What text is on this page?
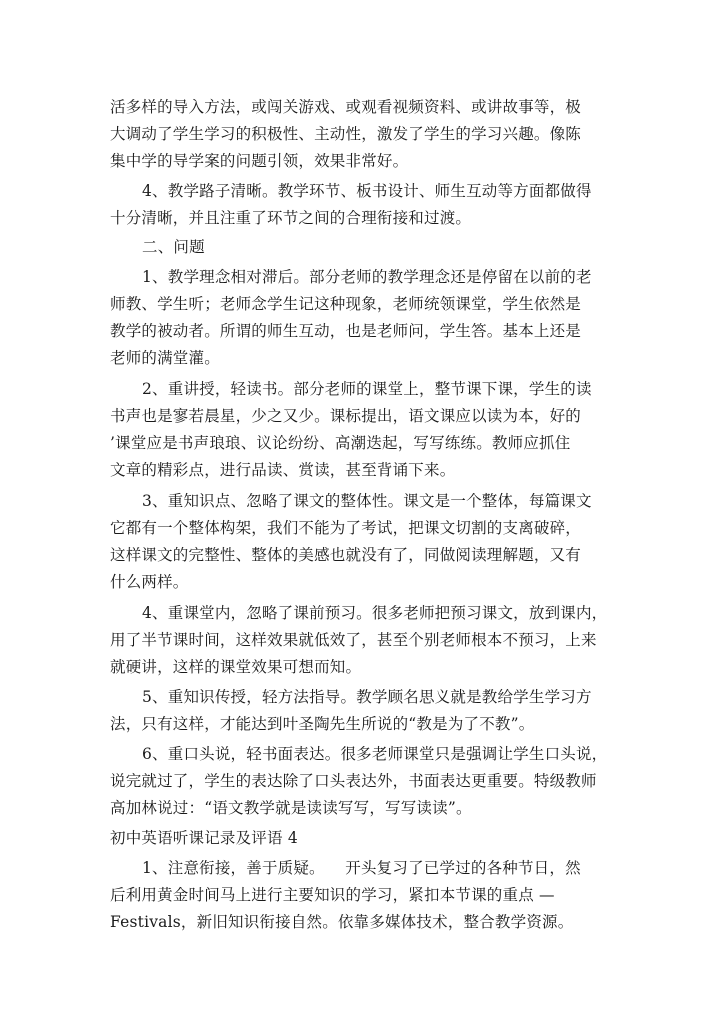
活多样的导入方法，或闯关游戏、或观看视频资料、或讲故事等，极
大调动了学生学习的积极性、主动性，激发了学生的学习兴趣。像陈
集中学的导学案的问题引领，效果非常好。
4、教学路子清晰。教学环节、板书设计、师生互动等方面都做得
十分清晰，并且注重了环节之间的合理衔接和过渡。
二、问题
1、教学理念相对滞后。部分老师的教学理念还是停留在以前的老
师教、学生听；老师念学生记这种现象，老师统领课堂，学生依然是
教学的被动者。所谓的师生互动，也是老师问，学生答。基本上还是
老师的满堂灌。
2、重讲授，轻读书。部分老师的课堂上，整节课下课，学生的读
书声也是寥若晨星，少之又少。课标提出，语文课应以读为本，好的
’课堂应是书声琅琅、议论纷纷、高潮迭起，写写练练。教师应抓住
文章的精彩点，进行品读、赏读，甚至背诵下来。
3、重知识点、忽略了课文的整体性。课文是一个整体，每篇课文
它都有一个整体构架，我们不能为了考试，把课文切割的支离破碎，
这样课文的完整性、整体的美感也就没有了，同做阅读理解题，又有
什么两样。
4、重课堂内，忽略了课前预习。很多老师把预习课文，放到课内，
用了半节课时间，这样效果就低效了，甚至个别老师根本不预习，上来
就硬讲，这样的课堂效果可想而知。
5、重知识传授，轻方法指导。教学顾名思义就是教给学生学习方
法，只有这样，才能达到叶圣陶先生所说的“教是为了不教”。
6、重口头说，轻书面表达。很多老师课堂只是强调让学生口头说，
说完就过了，学生的表达除了口头表达外，书面表达更重要。特级教师
高加林说过：“语文教学就是读读写写，写写读读”。
初中英语听课记录及评语 4
1、注意衔接，善于质疑。    开头复习了已学过的各种节日，然
后利用黄金时间马上进行主要知识的学习，紧扣本节课的重点 —
Festivals，新旧知识衔接自然。依靠多媒体技术，整合教学资源。
